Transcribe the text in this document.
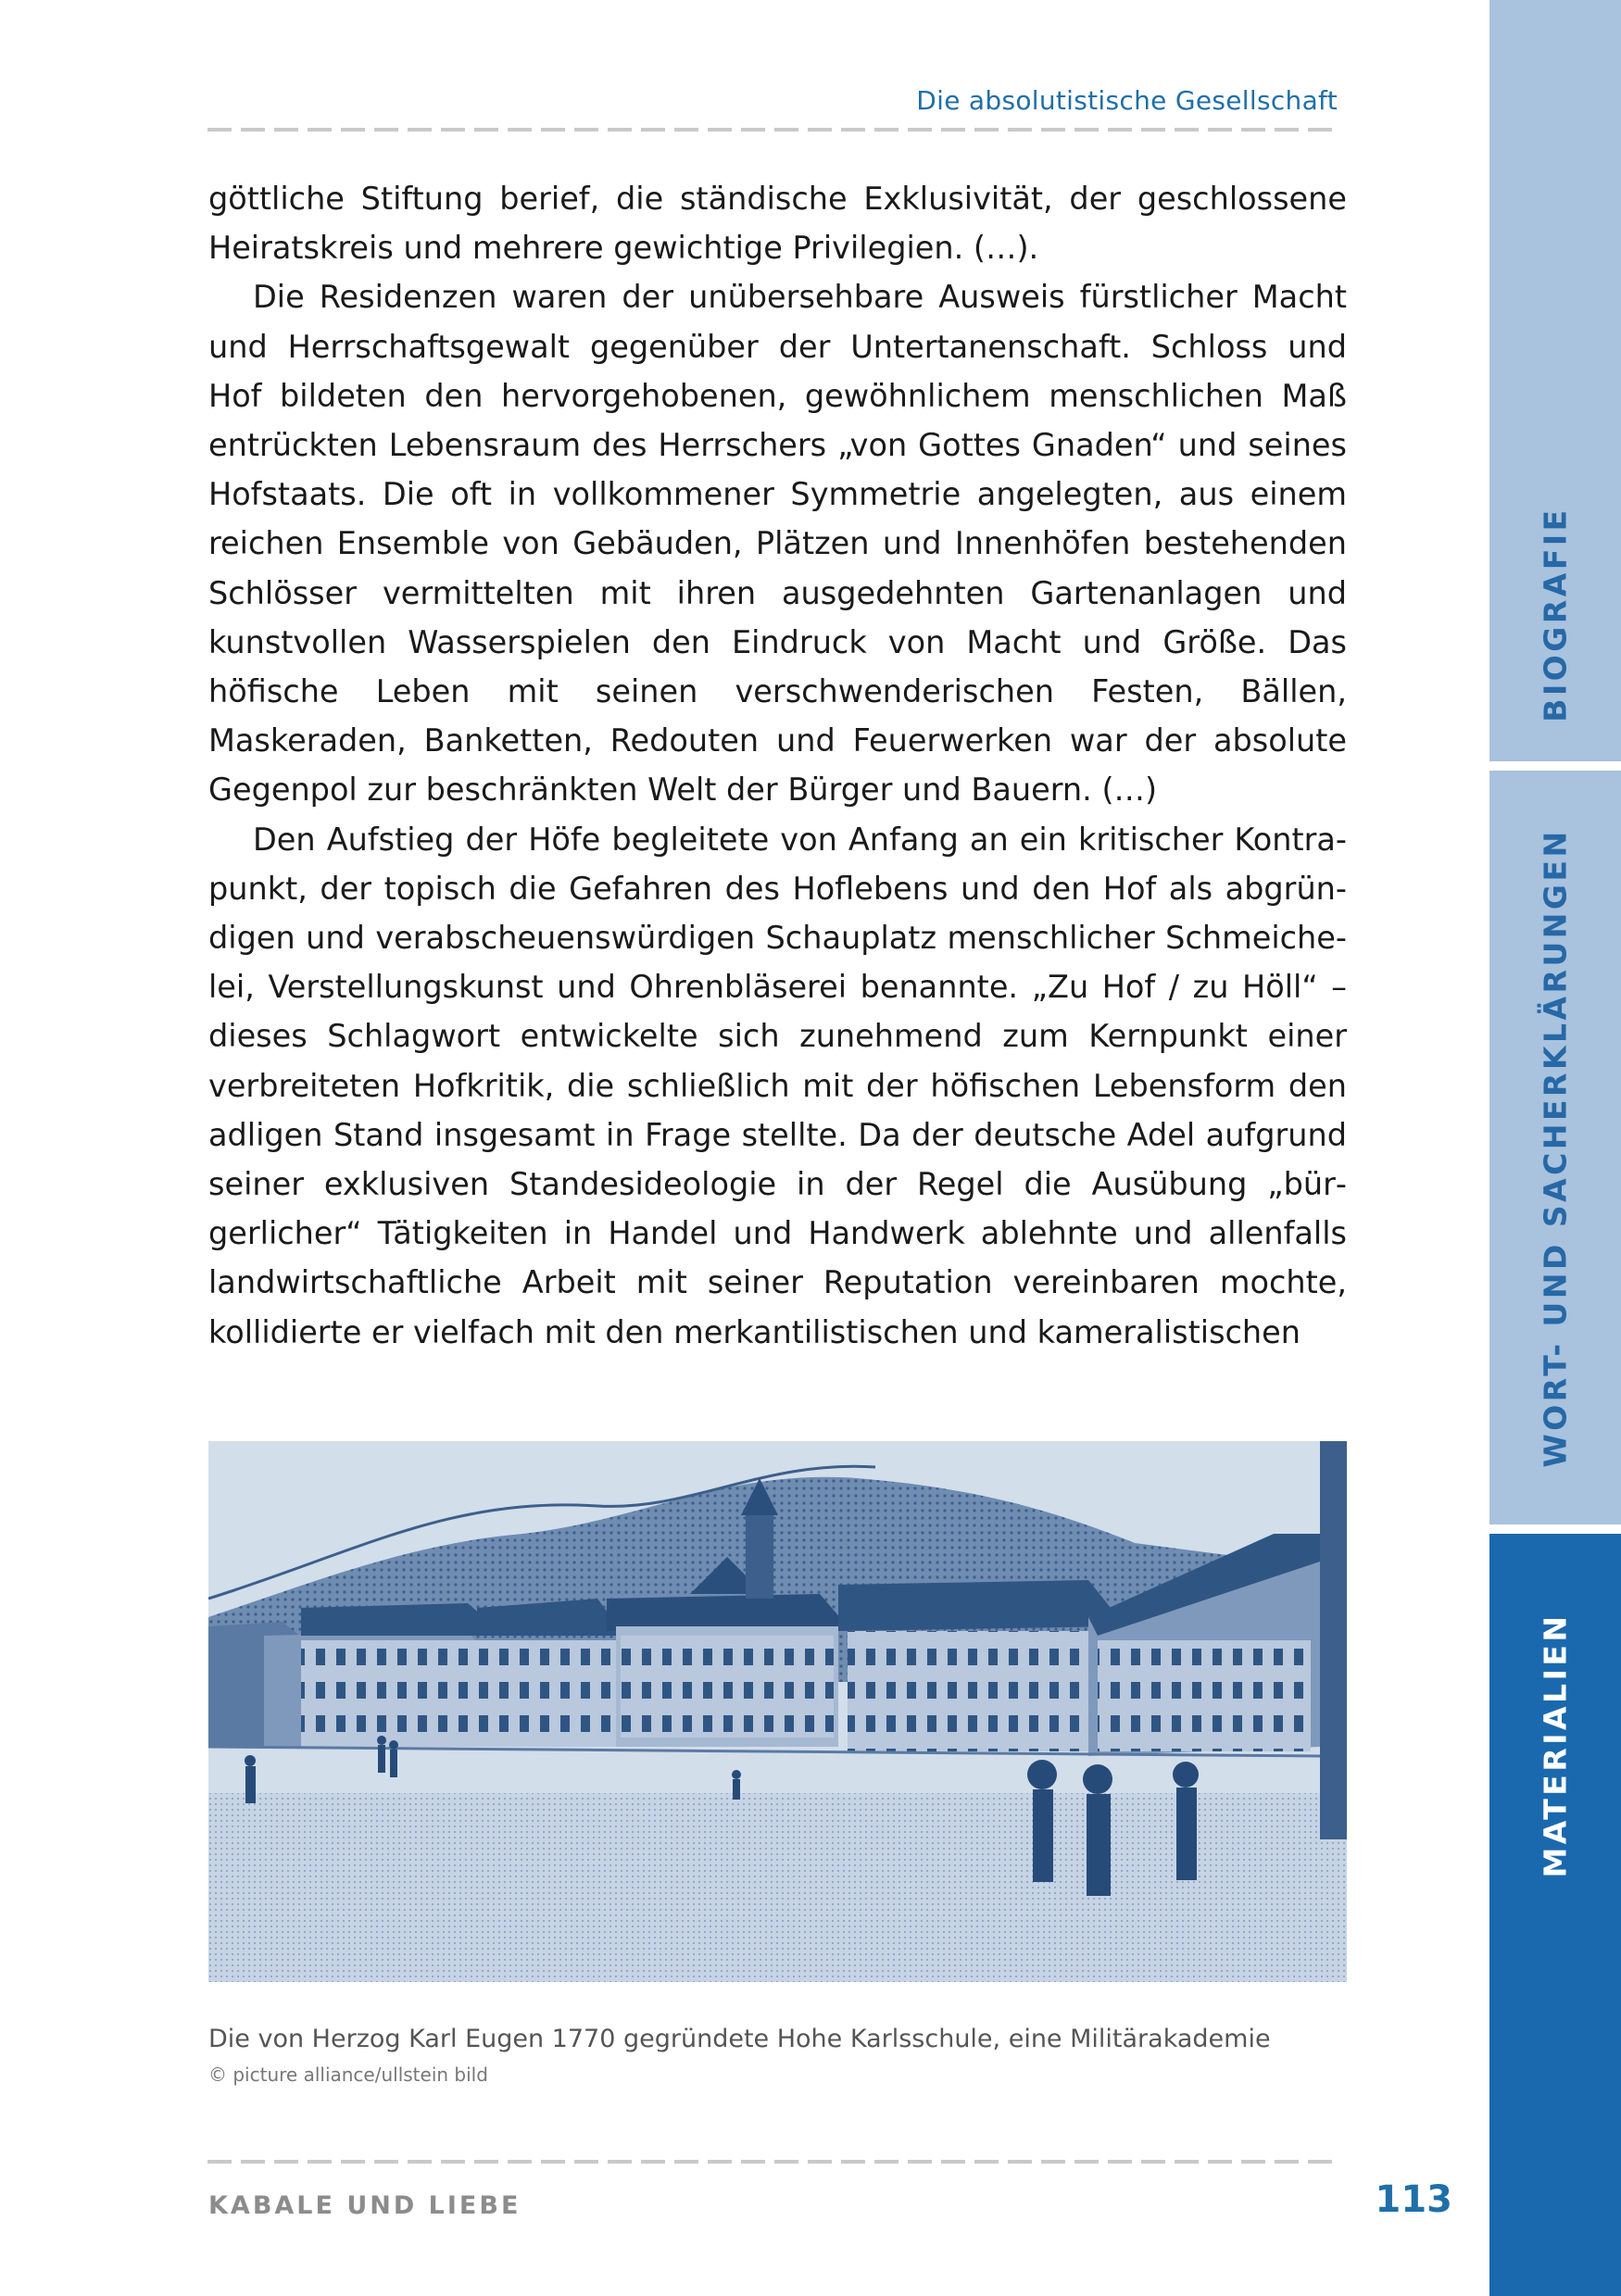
Die absolutistische Gesellschaft

göttliche Stiftung berief, die ständische Exklusivität, der geschlossene Heiratskreis und mehrere gewichtige Privilegien. (…).

Die Residenzen waren der unübersehbare Ausweis fürstlicher Macht und Herrschaftsgewalt gegenüber der Untertanenschaft. Schloss und Hof bildeten den hervorgehobenen, gewöhnlichem menschlichen Maß entrückten Lebensraum des Herrschers „von Gottes Gnaden“ und seines Hofstaats. Die oft in vollkommener Symmetrie angelegten, aus einem reichen Ensemble von Gebäuden, Plätzen und Innenhöfen bestehenden Schlösser vermittelten mit ihren ausgedehnten Gartenanlagen und kunstvollen Wasserspielen den Eindruck von Macht und Größe. Das höfische Leben mit seinen verschwenderischen Festen, Bällen, Maskeraden, Banketten, Redouten und Feuerwerken war der absolute Gegenpol zur beschränkten Welt der Bürger und Bauern. (…)

Den Aufstieg der Höfe begleitete von Anfang an ein kritischer Kontrapunkt, der topisch die Gefahren des Hoflebens und den Hof als abgründigen und verabscheuenswürdigen Schauplatz menschlicher Schmeichelei, Verstellungskunst und Ohrenbläserei benannte. „Zu Hof / zu Höll“ – dieses Schlagwort entwickelte sich zunehmend zum Kernpunkt einer verbreiteten Hofkritik, die schließlich mit der höfischen Lebensform den adligen Stand insgesamt in Frage stellte. Da der deutsche Adel aufgrund seiner exklusiven Standesideologie in der Regel die Ausübung „bürgerlicher“ Tätigkeiten in Handel und Handwerk ablehnte und allenfalls landwirtschaftliche Arbeit mit seiner Reputation vereinbaren mochte, kollidierte er vielfach mit den merkantilistischen und kameralistischen

Die von Herzog Karl Eugen 1770 gegründete Hohe Karlsschule, eine Militärakademie
© picture alliance/ullstein bild
KABALE UND LIEBE	113
BIOGRAFIE
WORT- UND SACHERKLÄRUNGEN
MATERIALIEN
